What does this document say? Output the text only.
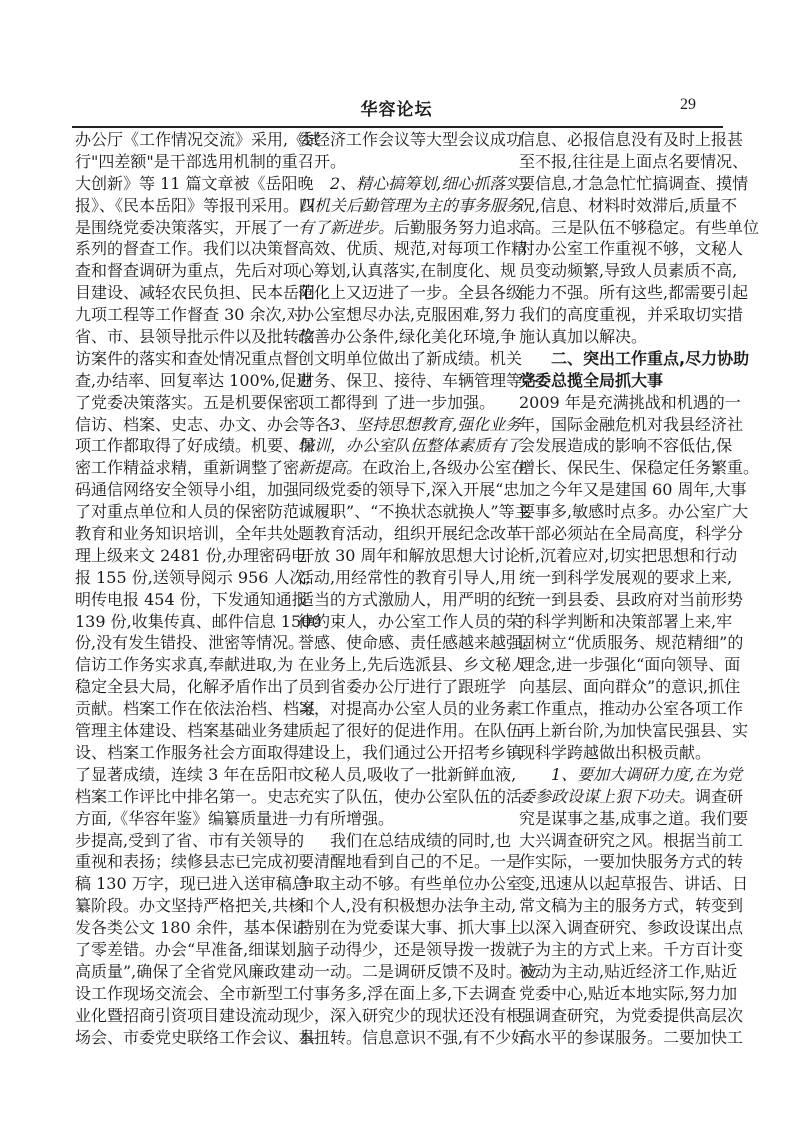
华容论坛	29
办公厅《工作情况交流》采用,《试
行"四差额"是干部选用机制的重
大创新》等 11 篇文章被《岳阳晚
报》、《民本岳阳》等报刊采用。四
是围绕党委决策落实，开展了一
系列的督查工作。我们以决策督
查和督查调研为重点，先后对项
目建设、减轻农民负担、民本岳阳
九项工程等工作督查 30 余次,对
省、市、县领导批示件以及批转信
访案件的落实和查处情况重点督
查,办结率、回复率达 100%,促进
了党委决策落实。五是机要保密、
信访、档案、史志、办文、办会等各
项工作都取得了好成绩。机要、保
密工作精益求精，重新调整了密
码通信网络安全领导小组，加强
了对重点单位和人员的保密防范
教育和业务知识培训，全年共处
理上级来文 2481 份,办理密码电
报 155 份,送领导阅示 956 人次,
明传电报 454 份，下发通知通报
139 份,收集传真、邮件信息 1500
份,没有发生错投、泄密等情况。
信访工作务实求真,奉献进取,为
稳定全县大局，化解矛盾作出了
贡献。档案工作在依法治档、档案
管理主体建设、档案基础业务建
设、档案工作服务社会方面取得
了显著成绩，连续 3 年在岳阳市
档案工作评比中排名第一。史志
方面,《华容年鉴》编纂质量进一
步提高,受到了省、市有关领导的
重视和表扬；续修县志已完成初
稿 130 万字，现已进入送审稿总
纂阶段。办文坚持严格把关,共核
发各类公文 180 余件，基本保证
了零差错。办会“早准备,细谋划,
高质量”,确保了全省党风廉政建
设工作现场交流会、全市新型工
业化暨招商引资项目建设流动现
场会、市委党史联络工作会议、县
委经济工作会议等大型会议成功
召开。
2、精心搞筹划,细心抓落实,
以机关后勤管理为主的事务服务
有了新进步。后勤服务努力追求
高效、优质、规范,对每项工作精
心筹划,认真落实,在制度化、规
范化上又迈进了一步。全县各级
办公室想尽办法,克服困难,努力
改善办公条件,绿化美化环境,争
创文明单位做出了新成绩。机关
财务、保卫、接待、车辆管理等各
项工都得到 了进一步加强。
3、坚持思想教育,强化业务
培训，办公室队伍整体素质有了
新提高。在政治上,各级办公室在
同级党委的领导下,深入开展“忠
诚履职”、“不换状态就换人”等主
题教育活动，组织开展纪念改革
开放 30 周年和解放思想大讨论
活动,用经常性的教育引导人,用
适当的方式激励人，用严明的纪
律约束人，办公室工作人员的荣
誉感、使命感、责任感越来越强。
在业务上,先后选派县、乡文秘人
员到省委办公厅进行了跟班学
习，对提高办公室人员的业务素
质起了很好的促进作用。在队伍
建设上，我们通过公开招考乡镇
文秘人员,吸收了一批新鲜血液,
充实了队伍，使办公室队伍的活
力有所增强。
我们在总结成绩的同时,也
要清醒地看到自己的不足。一是
争取主动不够。有些单位办公室
和个人,没有积极想办法争主动,
特别在为党委谋大事、抓大事上
脑子动得少，还是领导拨一拨就
动一动。二是调研反馈不及时。应
付事务多,浮在面上多,下去调查
少，深入研究少的现状还没有根
本扭转。信息意识不强,有不少好
信息、必报信息没有及时上报甚
至不报,往往是上面点名要情况、
要信息,才急急忙忙搞调查、摸情
况,信息、材料时效滞后,质量不
高。三是队伍不够稳定。有些单位
对办公室工作重视不够，文秘人
员变动频繁,导致人员素质不高,
能力不强。所有这些,都需要引起
我们的高度重视，并采取切实措
施认真加以解决。
二、突出工作重点,尽力协助
党委总揽全局抓大事
2009 年是充满挑战和机遇的一
年，国际金融危机对我县经济社
会发展造成的影响不容低估,保
增长、保民生、保稳定任务繁重。
加之今年又是建国 60 周年,大事
要事多,敏感时点多。办公室广大
干部必须站在全局高度，科学分
析,沉着应对,切实把思想和行动
统一到科学发展观的要求上来,
统一到县委、县政府对当前形势
的科学判断和决策部署上来,牢
固树立“优质服务、规范精细”的
理念,进一步强化“面向领导、面
向基层、面向群众”的意识,抓住
工作重点，推动办公室各项工作
再上新台阶,为加快富民强县、实
现科学跨越做出积极贡献。
1、要加大调研力度,在为党
委参政设谋上狠下功夫。调查研
究是谋事之基,成事之道。我们要
大兴调查研究之风。根据当前工
作实际，一要加快服务方式的转
变,迅速从以起草报告、讲话、日
常文稿为主的服务方式，转变到
以深入调查研究、参政设谋出点
子为主的方式上来。千方百计变
被动为主动,贴近经济工作,贴近
党委中心,贴近本地实际,努力加
强调查研究，为党委提供高层次
高水平的参谋服务。二要加快工
